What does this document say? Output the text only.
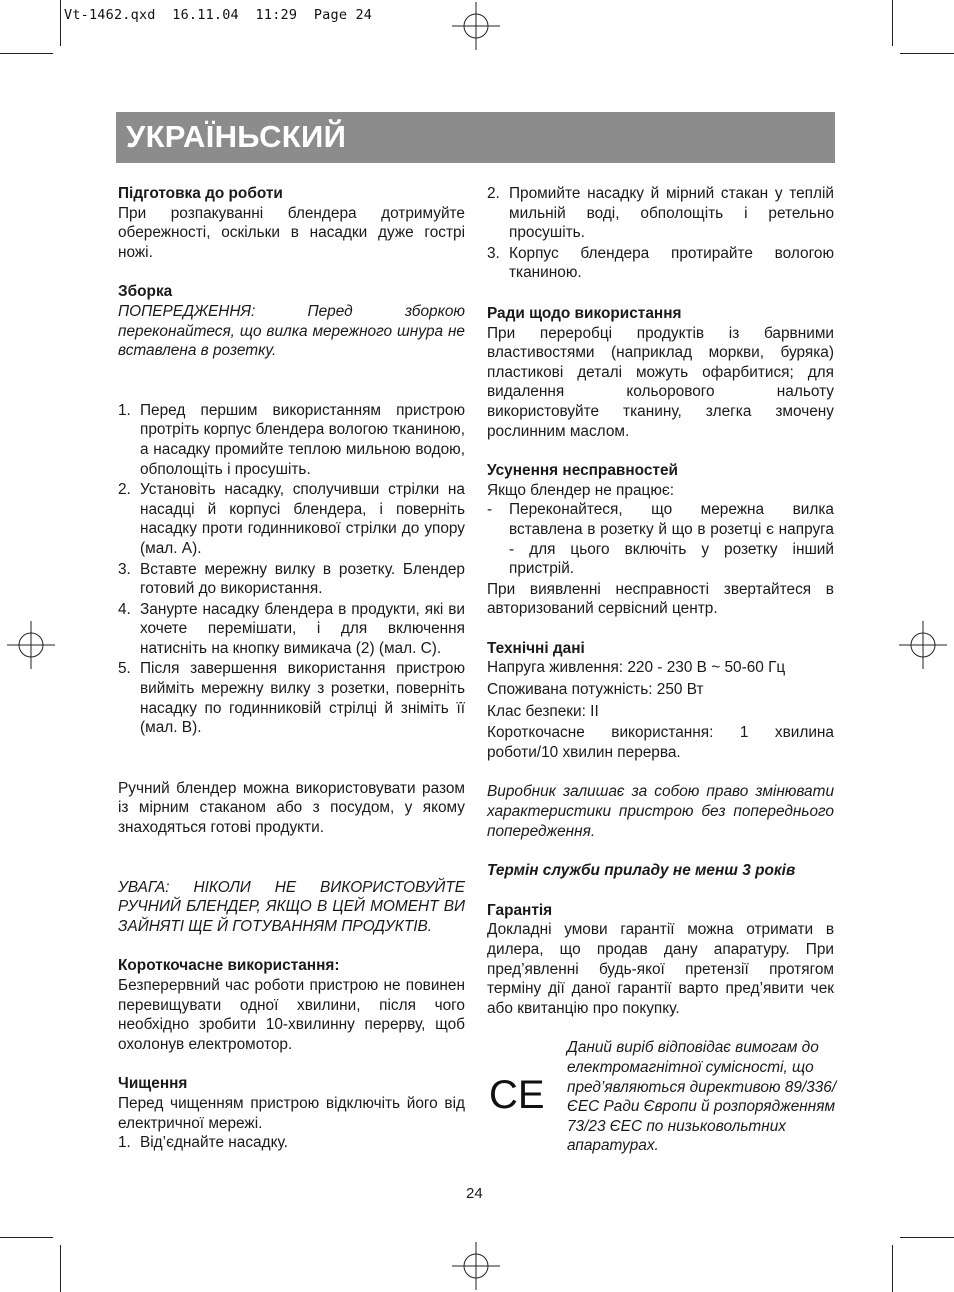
Vt-1462.qxd  16.11.04  11:29  Page 24
УКРАЇНЬСКИЙ

Підготовка до роботи

При розпакуванні блендера дотримуйте обережності, оскільки в насадки дуже гострі ножі.

Зборка

ПОПЕРЕДЖЕННЯ: Перед зборкою переконайтеся, що вилка мережного шнура не вставлена в розетку.

1. Перед першим використанням пристрою протріть корпус блендера вологою тканиною, а насадку промийте теплою мильною водою, обполощіть і просушіть.
2. Установіть насадку, сполучивши стрілки на насадці й корпусі блендера, і поверніть насадку проти годинникової стрілки до упору (мал. А).
3. Вставте мережну вилку в розетку. Блендер готовий до використання.
4. Занурте насадку блендера в продукти, які ви хочете перемішати, і для включення натисніть на кнопку вимикача (2) (мал. С).
5. Після завершення використання пристрою вийміть мережну вилку з розетки, поверніть насадку по годинниковій стрілці й зніміть її (мал. В).

Ручний блендер можна використовувати разом із мірним стаканом або з посудом, у якому знаходяться готові продукти.

УВАГА: НІКОЛИ НЕ ВИКОРИСТОВУЙТЕ РУЧНИЙ БЛЕНДЕР, ЯКЩО В ЦЕЙ МОМЕНТ ВИ ЗАЙНЯТІ ЩЕ Й ГОТУВАННЯМ ПРОДУКТІВ.

Короткочасне використання:

Безперервний час роботи пристрою не повинен перевищувати одної хвилини, після чого необхідно зробити 10-хвилинну перерву, щоб охолонув електромотор.

Чищення

Перед чищенням пристрою відключіть його від електричної мережі.

1. Від’єднайте насадку.
2. Промийте насадку й мірний стакан у теплій мильній воді, обполощіть і ретельно просушіть.
3. Корпус блендера протирайте вологою тканиною.

Ради щодо використання

При переробці продуктів із барвними властивостями (наприклад моркви, буряка) пластикові деталі можуть офарбитися; для видалення кольорового нальоту використовуйте тканину, злегка змочену рослинним маслом.

Усунення несправностей

Якщо блендер не працює:

- Переконайтеся, що мережна вилка вставлена в розетку й що в розетці є напруга - для цього включіть у розетку інший пристрій.

При виявленні несправності звертайтеся в авторизований сервісний центр.

Технічні дані

Напруга живлення: 220 - 230 В ~ 50-60 Гц

Споживана потужність: 250 Вт

Клас безпеки: II

Короткочасне використання: 1 хвилина роботи/10 хвилин перерва.

Виробник залишає за собою право змінювати характеристики пристрою без попереднього попередження.

Термін служби приладу не менш 3 років

Гарантія

Докладні умови гарантії можна отримати в дилера, що продав дану апаратуру. При пред’явленні будь-якої претензії протягом терміну дії даної гарантії варто пред’явити чек або квитанцію про покупку.

CE

Даний виріб відповідає вимогам до електромагнітної сумісності, що пред’являються директивою 89/336/ЄЕС Ради Європи й розпорядженням 73/23 ЄЕС по низьковольтних апаратурах.

24
